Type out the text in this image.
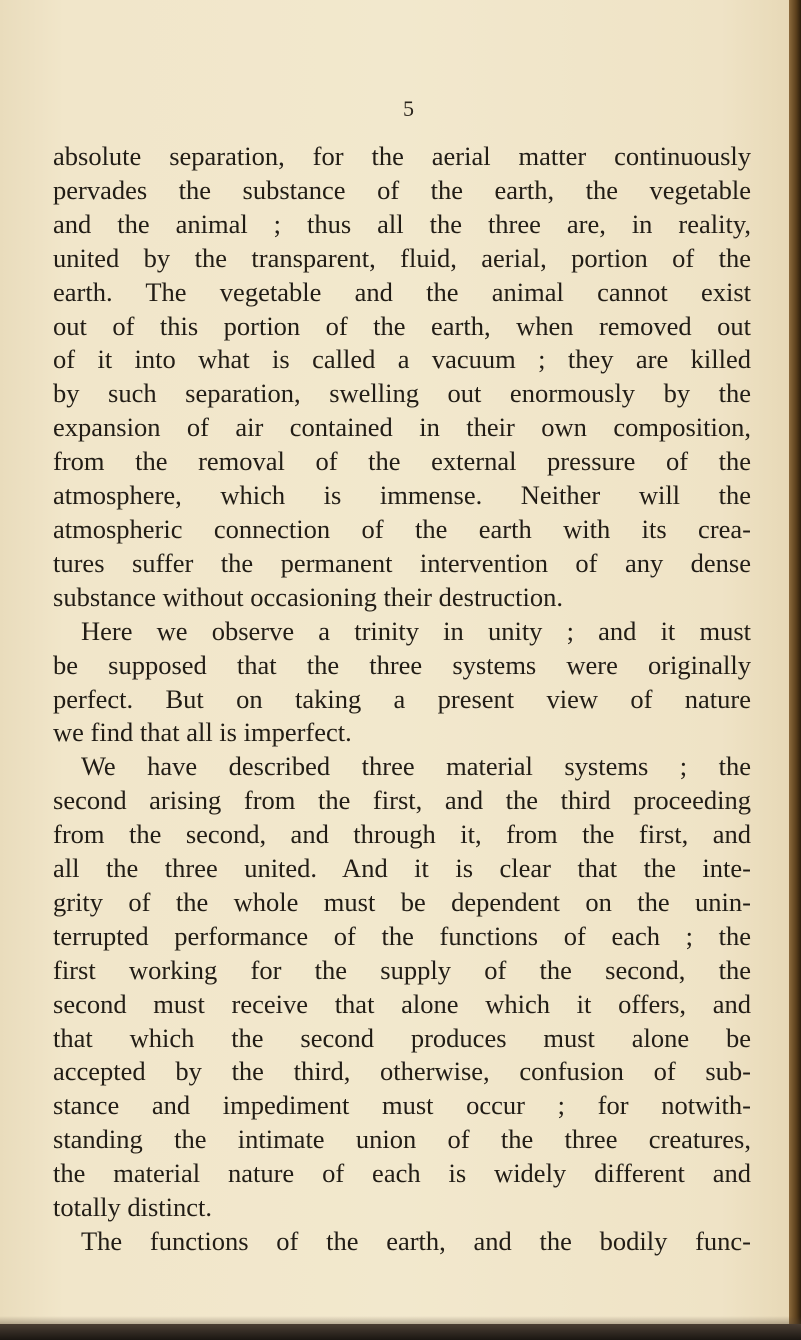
5
absolute separation, for the aerial matter continuously
pervades the substance of the earth, the vegetable
and the animal ; thus all the three are, in reality,
united by the transparent, fluid, aerial, portion of the
earth. The vegetable and the animal cannot exist
out of this portion of the earth, when removed out
of it into what is called a vacuum ; they are killed
by such separation, swelling out enormously by the
expansion of air contained in their own composition,
from the removal of the external pressure of the
atmosphere, which is immense. Neither will the
atmospheric connection of the earth with its crea-
tures suffer the permanent intervention of any dense
substance without occasioning their destruction.
Here we observe a trinity in unity ; and it must
be supposed that the three systems were originally
perfect. But on taking a present view of nature
we find that all is imperfect.
We have described three material systems ; the
second arising from the first, and the third proceeding
from the second, and through it, from the first, and
all the three united. And it is clear that the inte-
grity of the whole must be dependent on the unin-
terrupted performance of the functions of each ; the
first working for the supply of the second, the
second must receive that alone which it offers, and
that which the second produces must alone be
accepted by the third, otherwise, confusion of sub-
stance and impediment must occur ; for notwith-
standing the intimate union of the three creatures,
the material nature of each is widely different and
totally distinct.
The functions of the earth, and the bodily func-
